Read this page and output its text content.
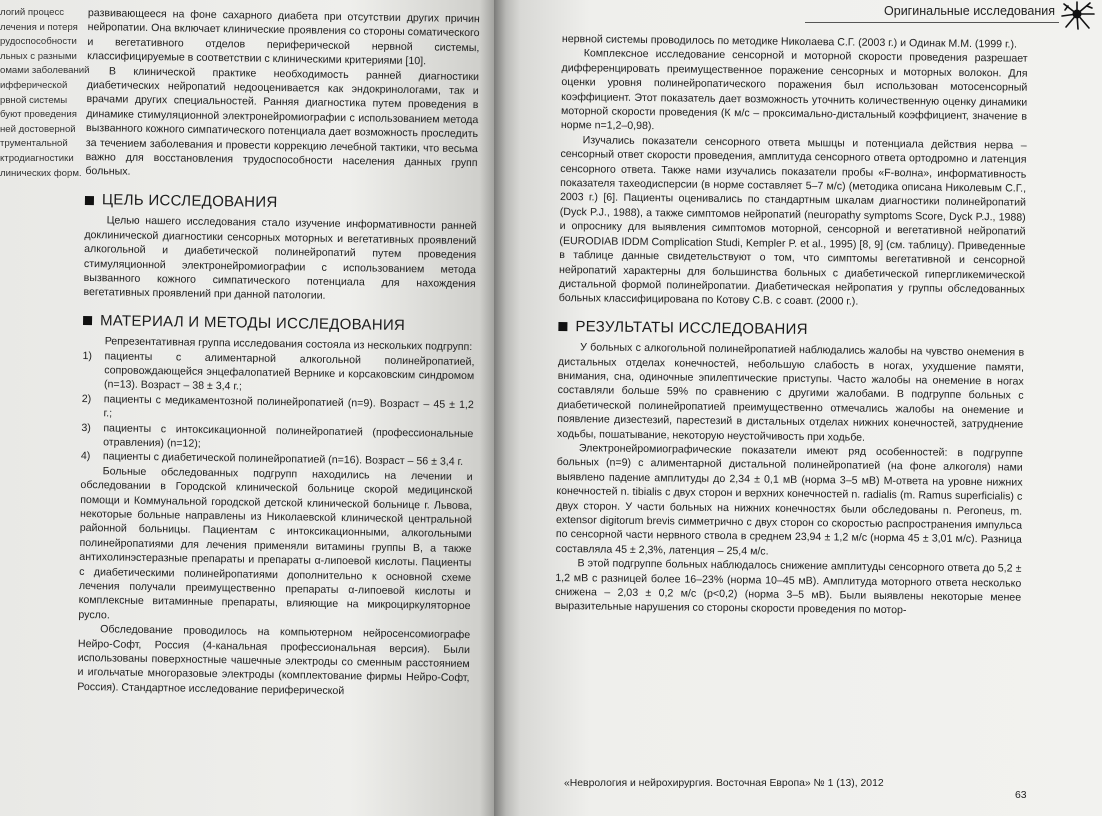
логий процесс
лечения и потеря
рудоспособности
льных с разными
омами заболеваний
ифферической
рвной системы
буют проведения
ней достоверной
трументальной
ктродиагностики
линических форм.

развивающееся на фоне сахарного диабета при отсутствии других причин нейропатии. Она включает клинические проявления со стороны соматического и вегетативного отделов периферической нервной системы, классифицируемые в соответствии с клиническими критериями [10].

В клинической практике необходимость ранней диагностики диабетических нейропатий недооценивается как эндокринологами, так и врачами других специальностей. Ранняя диагностика путем проведения в динамике стимуляционной электронейромиографии с использованием метода вызванного кожного симпатического потенциала дает возможность проследить за течением заболевания и провести коррекцию лечебной тактики, что весьма важно для восстановления трудоспособности населения данных групп больных.

ЦЕЛЬ ИССЛЕДОВАНИЯ

Целью нашего исследования стало изучение информативности ранней доклинической диагностики сенсорных моторных и вегетативных проявлений алкогольной и диабетической полинейропатий путем проведения стимуляционной электронейромиографии с использованием метода вызванного кожного симпатического потенциала для нахождения вегетативных проявлений при данной патологии.

МАТЕРИАЛ И МЕТОДЫ ИССЛЕДОВАНИЯ

Репрезентативная группа исследования состояла из нескольких подгрупп:

1)	пациенты с алиментарной алкогольной полинейропатией, сопровождающейся энцефалопатией Вернике и корсаковским синдромом (n=13). Возраст – 38 ± 3,4 г.;
2)	пациенты с медикаментозной полинейропатией (n=9). Возраст – 45 ± 1,2 г.;
3)	пациенты с интоксикационной полинейропатией (профессиональные отравления) (n=12);
4)	пациенты с диабетической полинейропатией (n=16). Возраст – 56 ± 3,4 г.

Больные обследованных подгрупп находились на лечении и обследовании в Городской клинической больнице скорой медицинской помощи и Коммунальной городской детской клинической больнице г. Львова, некоторые больные направлены из Николаевской клинической центральной районной больницы. Пациентам с интоксикационными, алкогольными полинейропатиями для лечения применяли витамины группы В, а также антихолинэстеразные препараты и препараты α-липоевой кислоты. Пациенты с диабетическими полинейропатиями дополнительно к основной схеме лечения получали преимущественно препараты α-липоевой кислоты и комплексные витаминные препараты, влияющие на микроциркуляторное русло.

Обследование проводилось на компьютерном нейросенсомиографе Нейро-Софт, Россия (4-канальная профессиональная версия). Были использованы поверхностные чашечные электроды со сменным расстоянием и игольчатые многоразовые электроды (комплектование фирмы Нейро-Софт, Россия). Стандартное исследование периферической

Оригинальные исследования

нервной системы проводилось по методике Николаева С.Г. (2003 г.) и Одинак М.М. (1999 г.).

Комплексное исследование сенсорной и моторной скорости проведения разрешает дифференцировать преимущественное поражение сенсорных и моторных волокон. Для оценки уровня полинейропатического поражения был использован мотосенсорный коэффициент. Этот показатель дает возможность уточнить количественную оценку динамики моторной скорости проведения (К м/с – проксимально-дистальный коэффициент, значение в норме n=1,2–0,98).

Изучались показатели сенсорного ответа мышцы и потенциала действия нерва – сенсорный ответ скорости проведения, амплитуда сенсорного ответа ортодромно и латенция сенсорного ответа. Также нами изучались показатели пробы «F-волна», информативность показателя тахеодисперсии (в норме составляет 5–7 м/с) (методика описана Николевым С.Г., 2003 г.) [6]. Пациенты оценивались по стандартным шкалам диагностики полинейропатий (Dyck P.J., 1988), а также симптомов нейропатий (neuropathy symptoms Score, Dyck P.J., 1988) и опроснику для выявления симптомов моторной, сенсорной и вегетативной нейропатий (EURODIAB IDDM Complication Studi, Kempler P. et al., 1995) [8, 9] (см. таблицу). Приведенные в таблице данные свидетельствуют о том, что симптомы вегетативной и сенсорной нейропатий характерны для большинства больных с диабетической гипергликемической дистальной формой полинейропатии. Диабетическая нейропатия у группы обследованных больных классифицирована по Котову С.В. с соавт. (2000 г.).

РЕЗУЛЬТАТЫ ИССЛЕДОВАНИЯ

У больных с алкогольной полинейропатией наблюдались жалобы на чувство онемения в дистальных отделах конечностей, небольшую слабость в ногах, ухудшение памяти, внимания, сна, одиночные эпилептические приступы. Часто жалобы на онемение в ногах составляли больше 59% по сравнению с другими жалобами. В подгруппе больных с диабетической полинейропатией преимущественно отмечались жалобы на онемение и появление дизестезий, парестезий в дистальных отделах нижних конечностей, затруднение ходьбы, пошатывание, некоторую неустойчивость при ходьбе.

Электронейромиографические показатели имеют ряд особенностей: в подгруппе больных (n=9) с алиментарной дистальной полинейропатией (на фоне алкоголя) нами выявлено падение амплитуды до 2,34 ± 0,1 мВ (норма 3–5 мВ) М-ответа на уровне нижних конечностей n. tibialis с двух сторон и верхних конечностей n. radialis (m. Ramus superficialis) с двух сторон. У части больных на нижних конечностях были обследованы n. Peroneus, m. extensor digitorum brevis симметрично с двух сторон со скоростью распространения импульса по сенсорной части нервного ствола в среднем 23,94 ± 1,2 м/с (норма 45 ± 3,01 м/с). Разница составляла 45 ± 2,3%, латенция – 25,4 м/с.

В этой подгруппе больных наблюдалось снижение амплитуды сенсорного ответа до 5,2 ± 1,2 мВ с разницей более 16–23% (норма 10–45 мВ). Амплитуда моторного ответа несколько снижена – 2,03 ± 0,2 м/с (p<0,2) (норма 3–5 мВ). Были выявлены некоторые менее выразительные нарушения со стороны скорости проведения по мотор-

«Неврология и нейрохирургия. Восточная Европа» № 1 (13), 2012
63
